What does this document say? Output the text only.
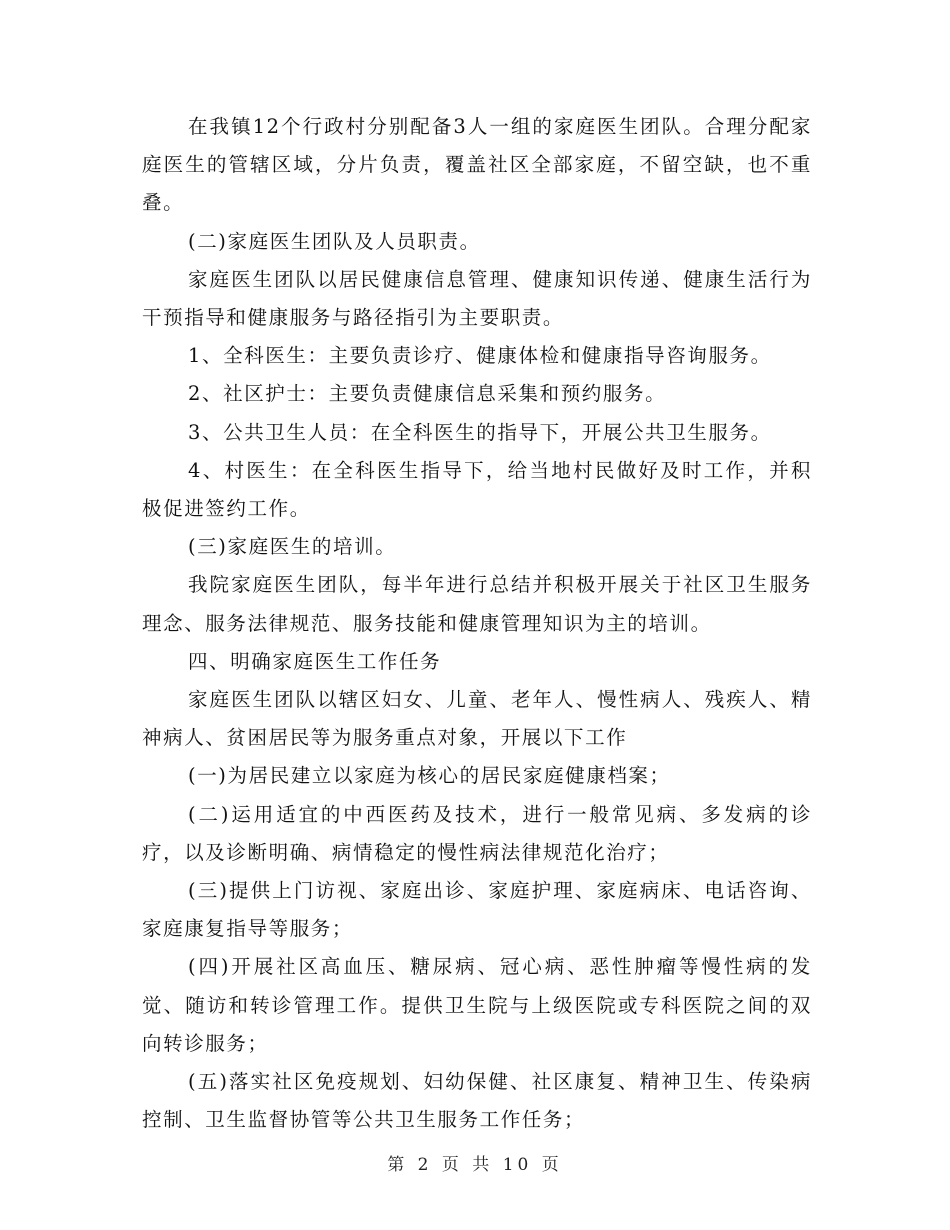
在我镇12个行政村分别配备3人一组的家庭医生团队。合理分配家庭医生的管辖区域，分片负责，覆盖社区全部家庭，不留空缺，也不重叠。

(二)家庭医生团队及人员职责。

家庭医生团队以居民健康信息管理、健康知识传递、健康生活行为干预指导和健康服务与路径指引为主要职责。

1、全科医生：主要负责诊疗、健康体检和健康指导咨询服务。

2、社区护士：主要负责健康信息采集和预约服务。

3、公共卫生人员：在全科医生的指导下，开展公共卫生服务。

4、村医生：在全科医生指导下，给当地村民做好及时工作，并积极促进签约工作。

(三)家庭医生的培训。

我院家庭医生团队，每半年进行总结并积极开展关于社区卫生服务理念、服务法律规范、服务技能和健康管理知识为主的培训。

四、明确家庭医生工作任务

家庭医生团队以辖区妇女、儿童、老年人、慢性病人、残疾人、精神病人、贫困居民等为服务重点对象，开展以下工作

(一)为居民建立以家庭为核心的居民家庭健康档案；

(二)运用适宜的中西医药及技术，进行一般常见病、多发病的诊疗，以及诊断明确、病情稳定的慢性病法律规范化治疗；

(三)提供上门访视、家庭出诊、家庭护理、家庭病床、电话咨询、家庭康复指导等服务；

(四)开展社区高血压、糖尿病、冠心病、恶性肿瘤等慢性病的发觉、随访和转诊管理工作。提供卫生院与上级医院或专科医院之间的双向转诊服务；

(五)落实社区免疫规划、妇幼保健、社区康复、精神卫生、传染病控制、卫生监督协管等公共卫生服务工作任务；

第 2 页 共 10 页
